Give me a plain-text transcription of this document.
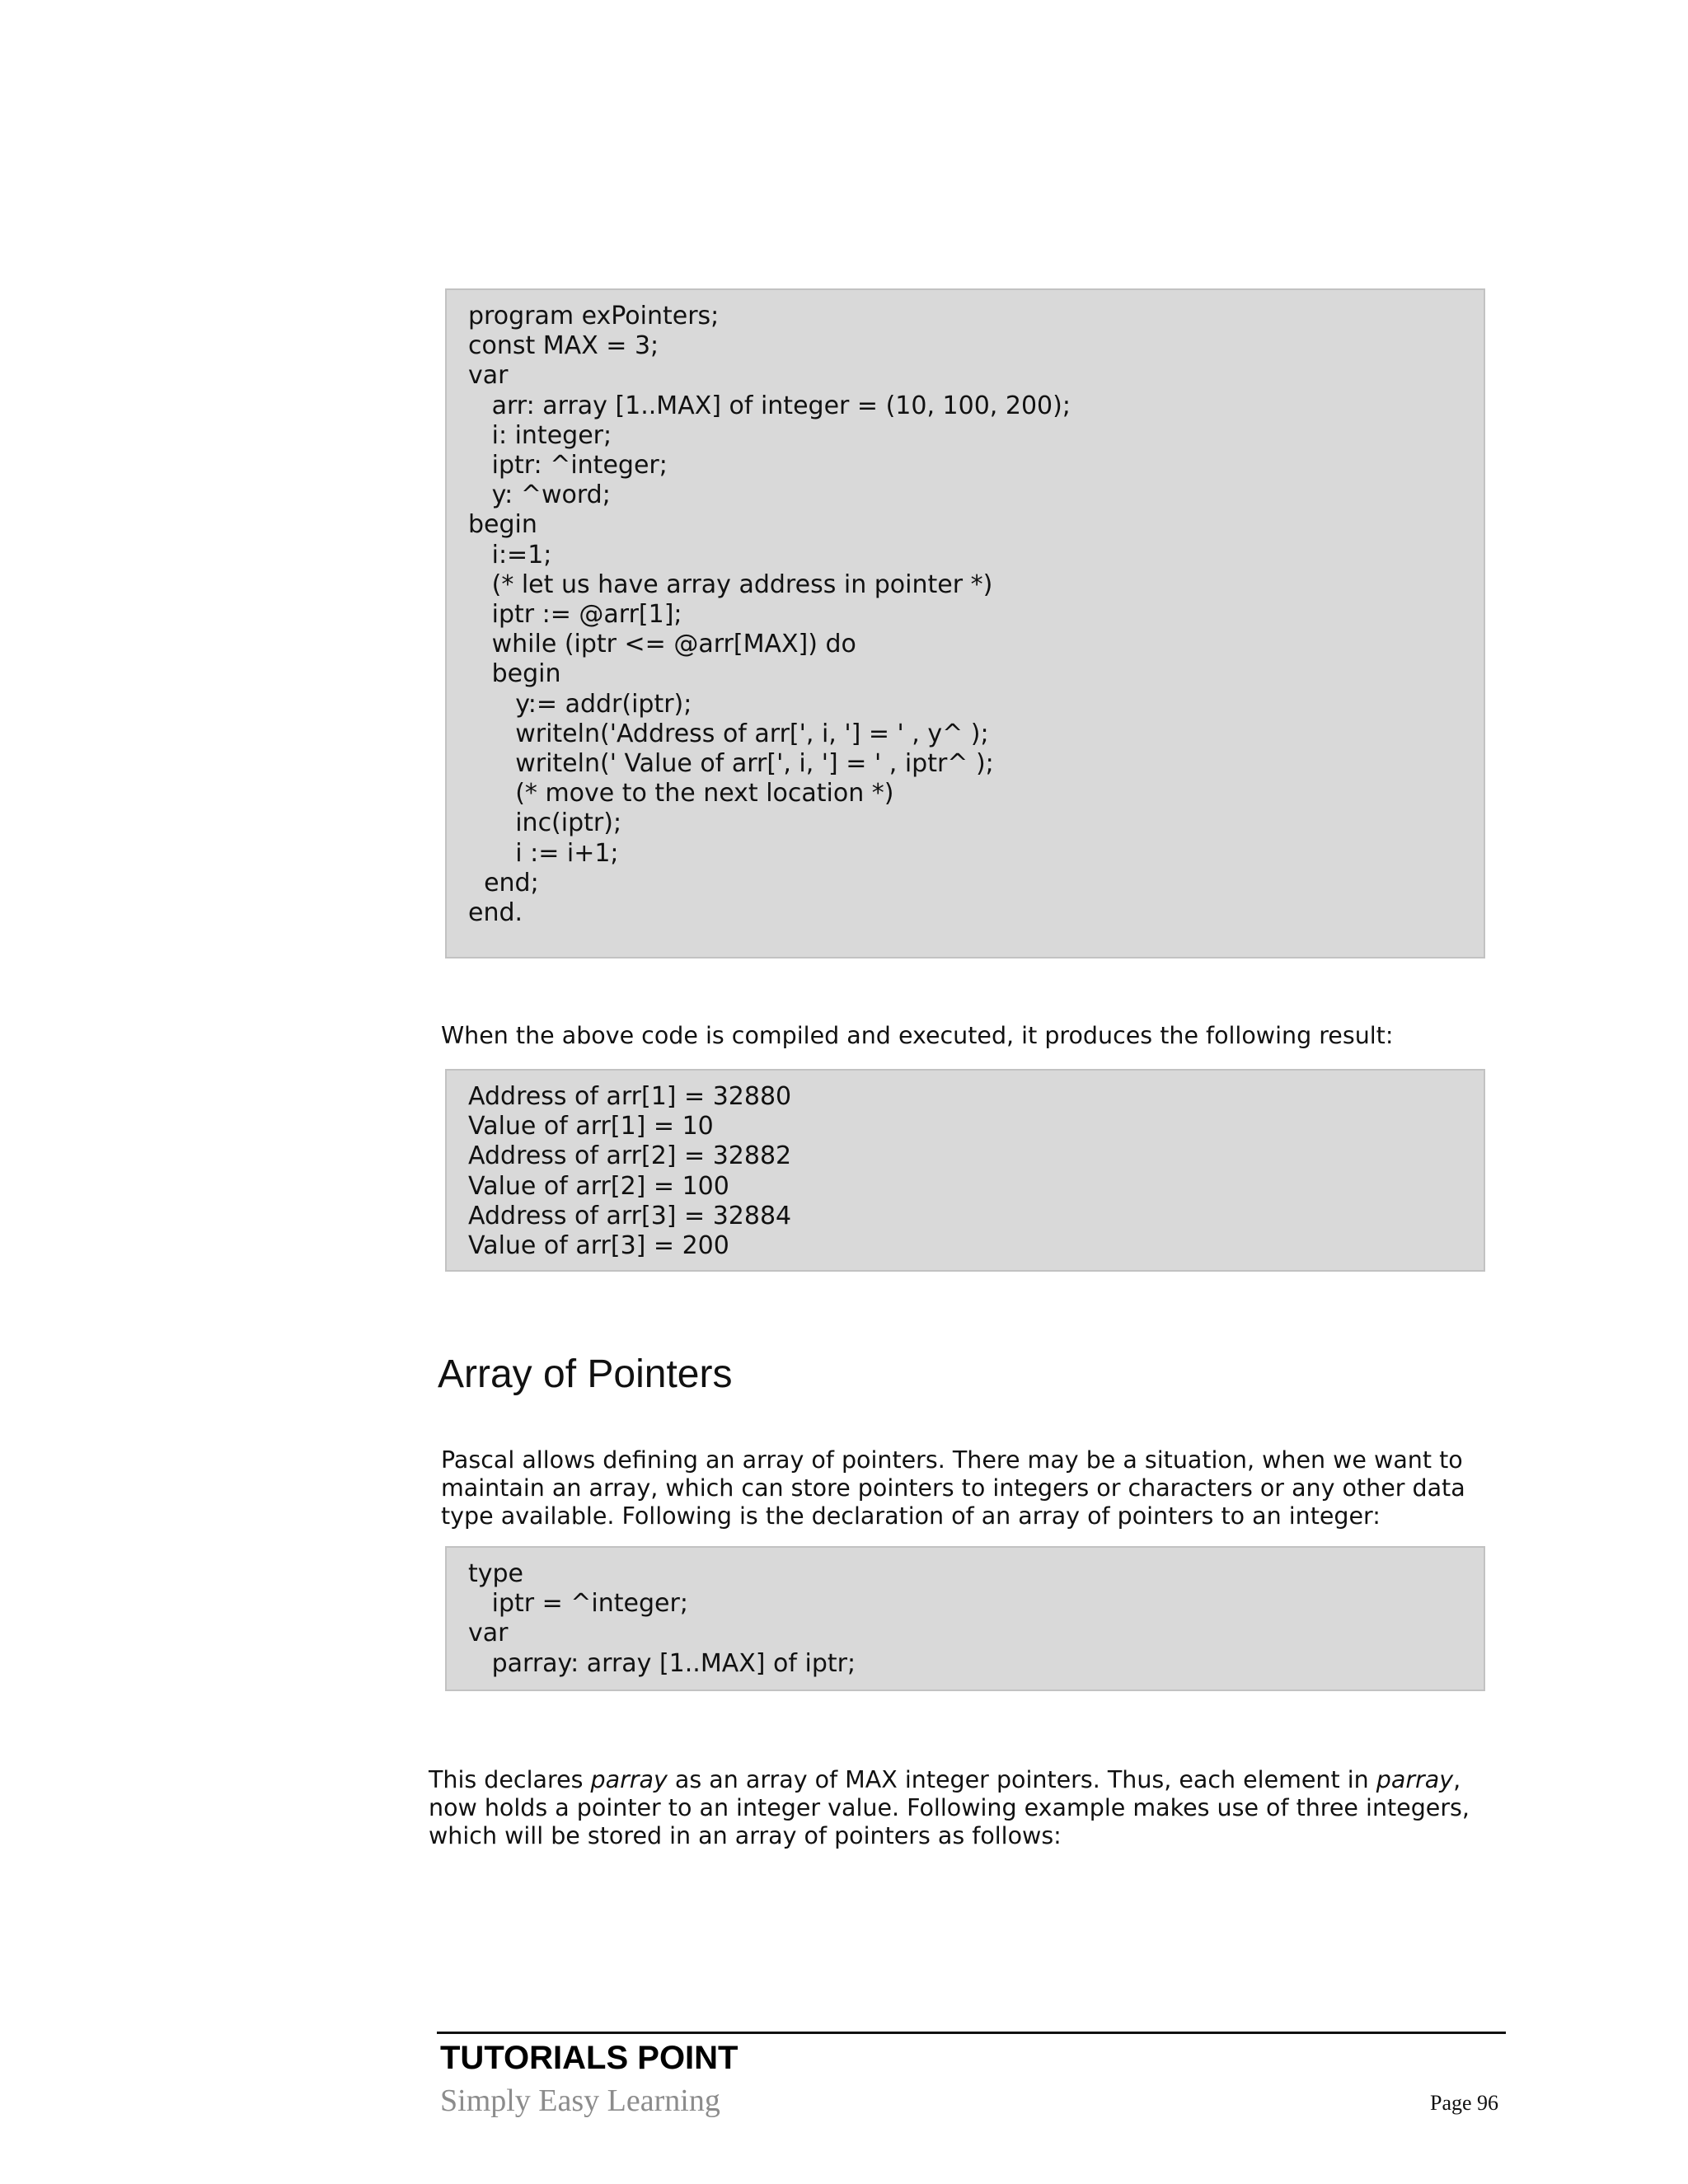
program exPointers;
const MAX = 3;
var
arr: array [1..MAX] of integer = (10, 100, 200);
i: integer;
iptr: ^integer;
y: ^word;
begin
i:=1;
(* let us have array address in pointer *)
iptr := @arr[1];
while (iptr <= @arr[MAX]) do
begin
y:= addr(iptr);
writeln('Address of arr[', i, '] = ' , y^ );
writeln(' Value of arr[', i, '] = ' , iptr^ );
(* move to the next location *)
inc(iptr);
i := i+1;
end;
end.
When the above code is compiled and executed, it produces the following result:
Address of arr[1] = 32880
Value of arr[1] = 10
Address of arr[2] = 32882
Value of arr[2] = 100
Address of arr[3] = 32884
Value of arr[3] = 200
Array of Pointers
Pascal allows defining an array of pointers. There may be a situation, when we want to
maintain an array, which can store pointers to integers or characters or any other data
type available. Following is the declaration of an array of pointers to an integer:
type
iptr = ^integer;
var
parray: array [1..MAX] of iptr;
This declares parray as an array of MAX integer pointers. Thus, each element in parray,
now holds a pointer to an integer value. Following example makes use of three integers,
which will be stored in an array of pointers as follows:
TUTORIALS POINT
Simply Easy Learning	Page 96
